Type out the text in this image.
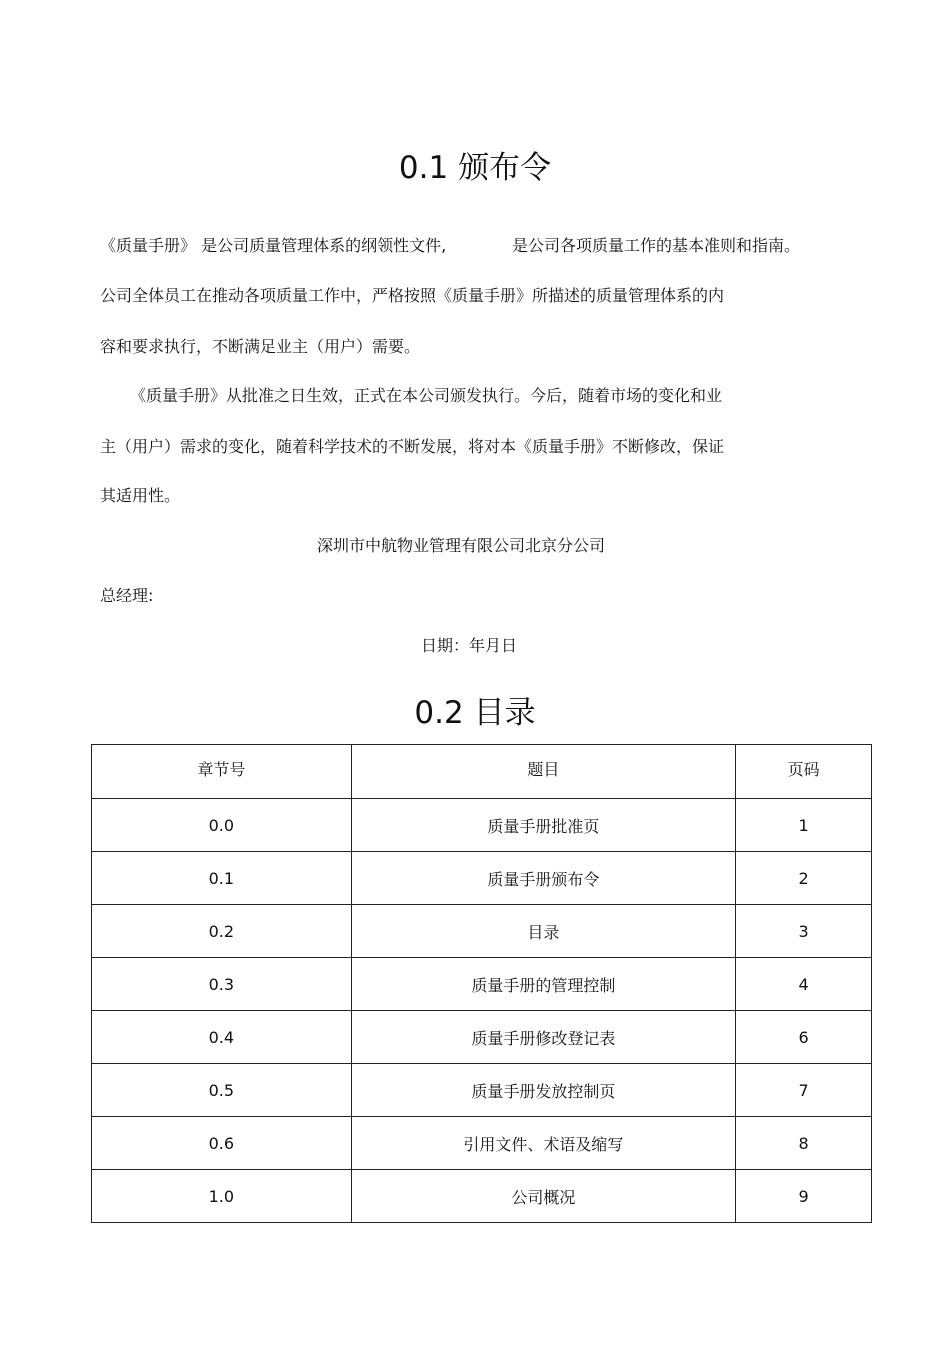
0.1 颁布令

《质量手册》 是公司质量管理体系的纲领性文件,	是公司各项质量工作的基本准则和指南。

公司全体员工在推动各项质量工作中，严格按照《质量手册》所描述的质量管理体系的内

容和要求执行，不断满足业主（用户）需要。

《质量手册》从批准之日生效，正式在本公司颁发执行。今后，随着市场的变化和业

主（用户）需求的变化，随着科学技术的不断发展，将对本《质量手册》不断修改，保证

其适用性。

深圳市中航物业管理有限公司北京分公司

总经理:

日期：年月日

0.2 目录
章节号	题目	页码
0.0	质量手册批准页	1
0.1	质量手册颁布令	2
0.2	目录	3
0.3	质量手册的管理控制	4
0.4	质量手册修改登记表	6
0.5	质量手册发放控制页	7
0.6	引用文件、术语及缩写	8
1.0	公司概况	9
